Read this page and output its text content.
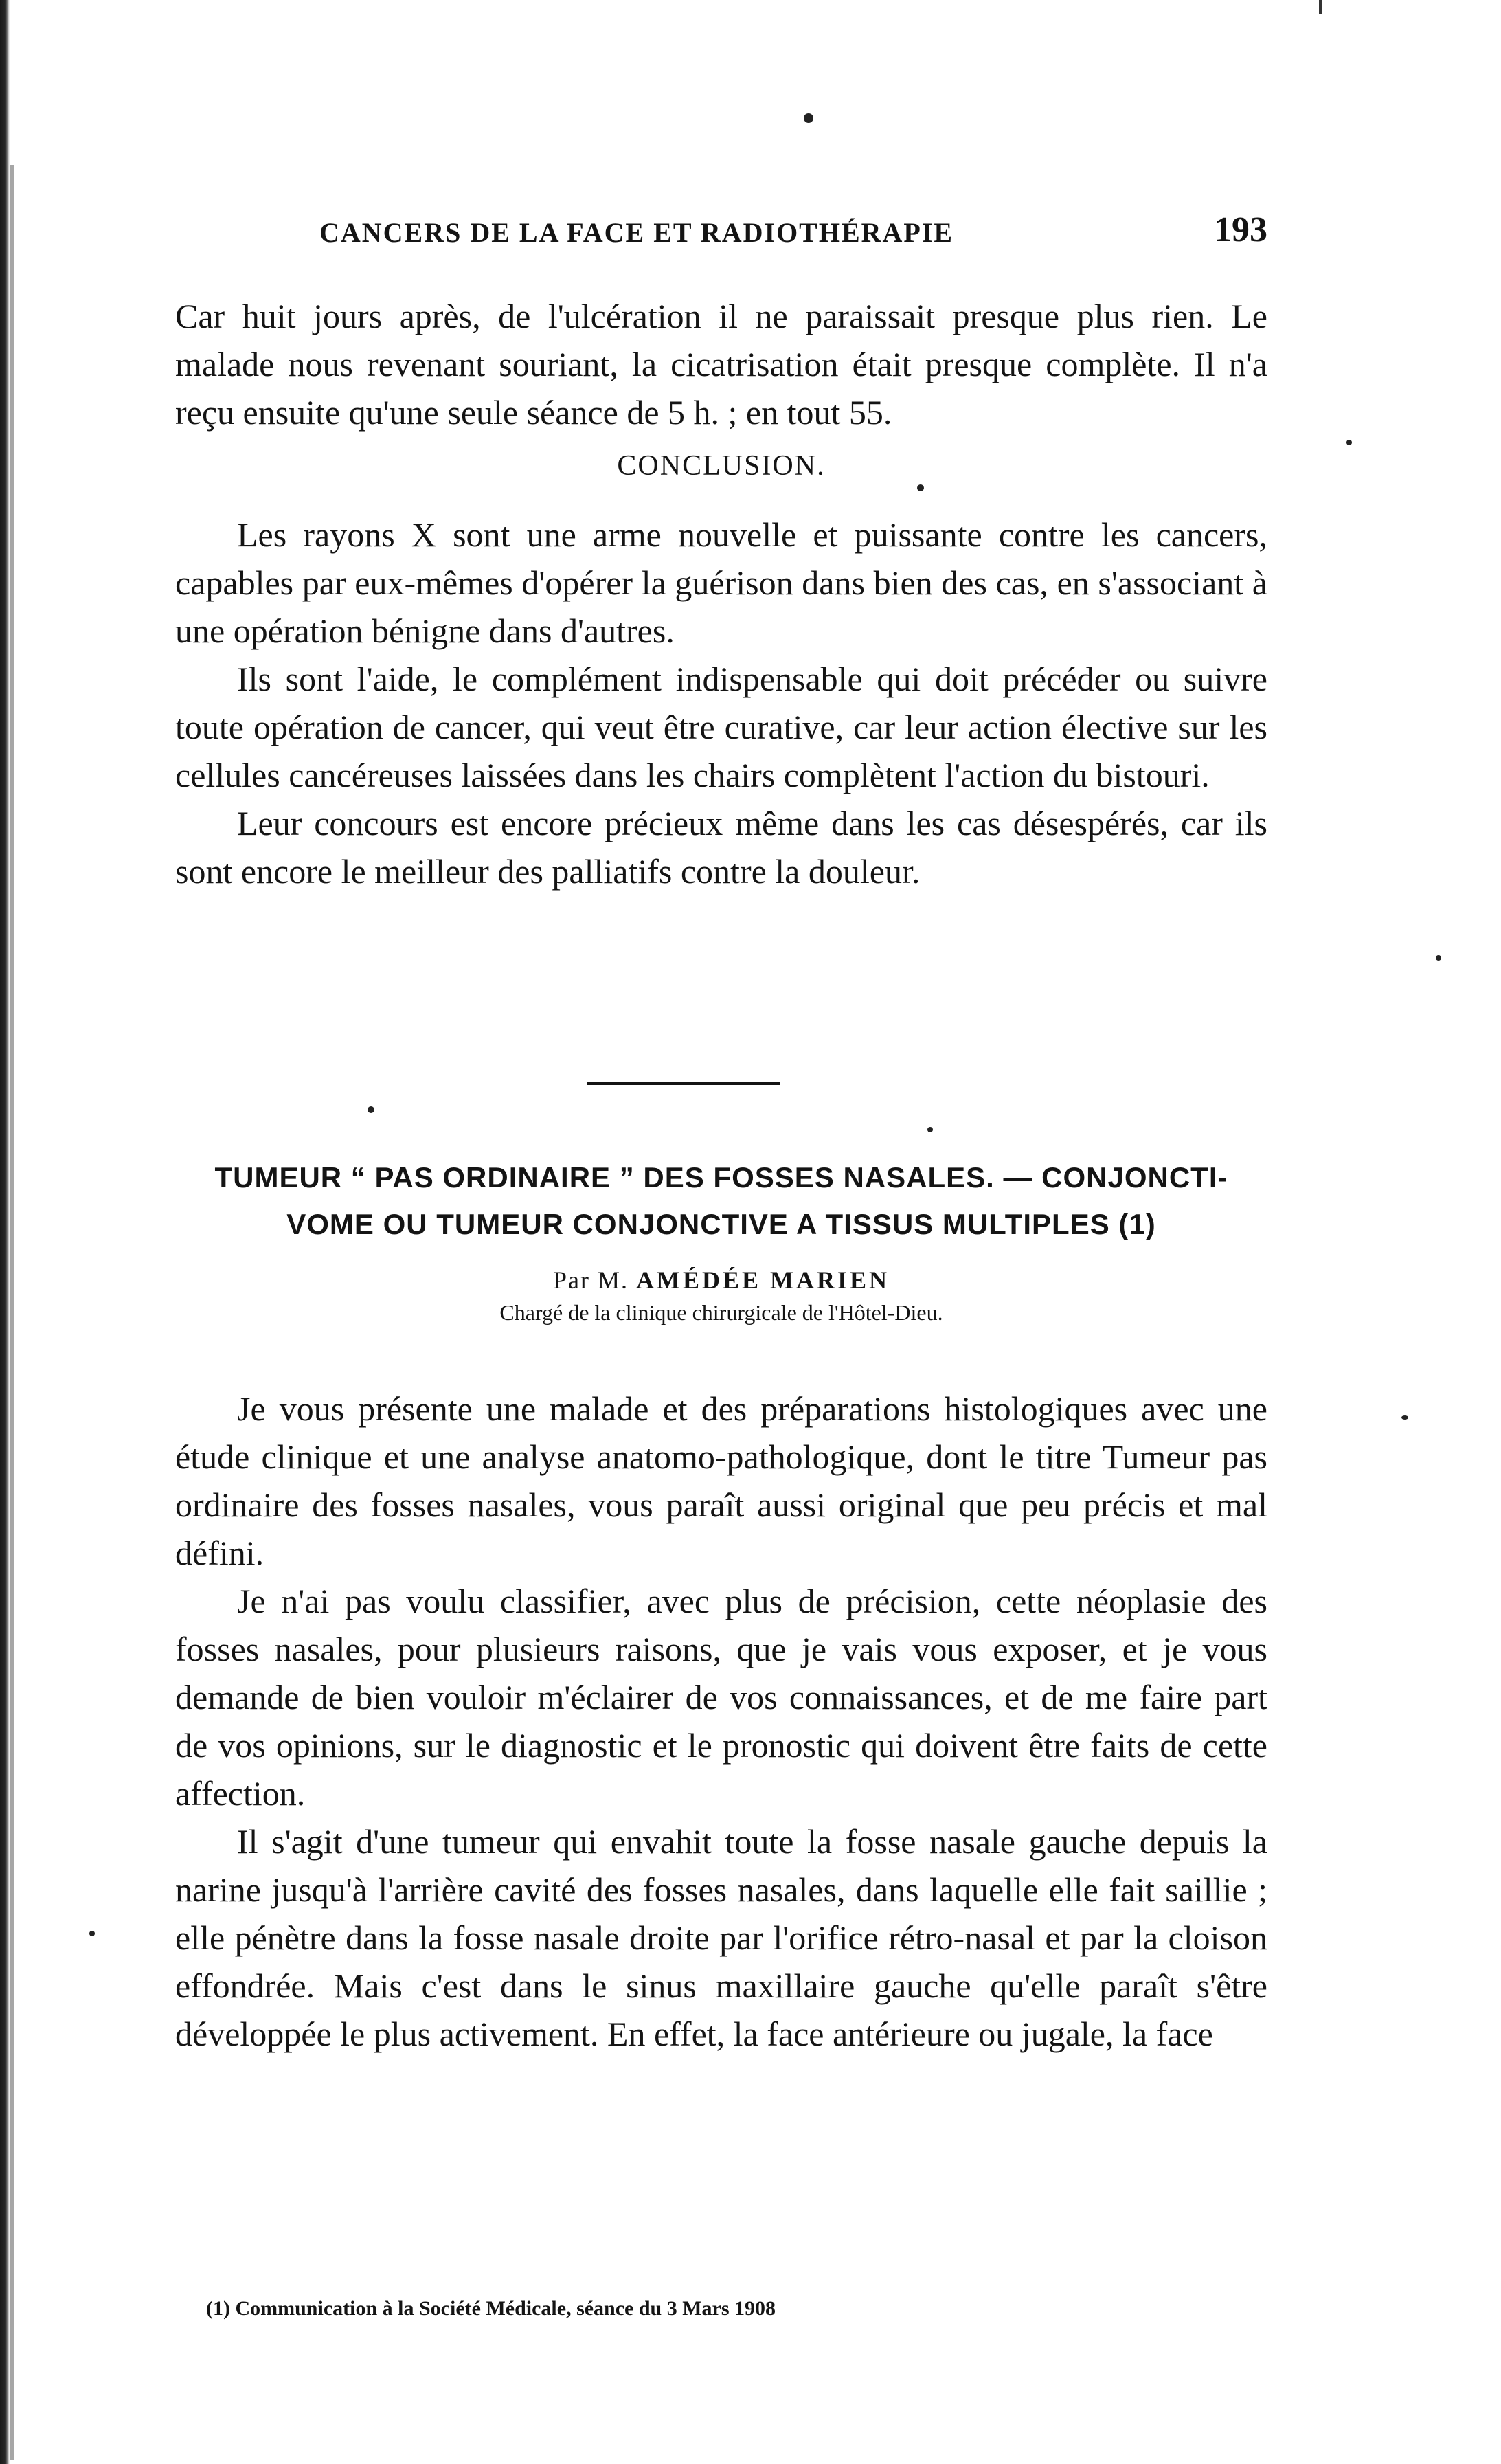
CANCERS DE LA FACE ET RADIOTHÉRAPIE	193

Car huit jours après, de l'ulcération il ne paraissait presque plus rien. Le malade nous revenant souriant, la cicatrisation était presque complète. Il n'a reçu ensuite qu'une seule séance de 5 h. ; en tout 55.

CONCLUSION.

Les rayons X sont une arme nouvelle et puissante contre les cancers, capables par eux-mêmes d'opérer la guérison dans bien des cas, en s'associant à une opération bénigne dans d'autres.

Ils sont l'aide, le complément indispensable qui doit précéder ou suivre toute opération de cancer, qui veut être curative, car leur action élective sur les cellules cancéreuses laissées dans les chairs complètent l'action du bistouri.

Leur concours est encore précieux même dans les cas désespérés, car ils sont encore le meilleur des palliatifs contre la douleur.

TUMEUR “ PAS ORDINAIRE ” DES FOSSES NASALES. — CONJONCTI-

VOME OU TUMEUR CONJONCTIVE A TISSUS MULTIPLES (1)

Par M. AMÉDÉE MARIEN

Chargé de la clinique chirurgicale de l'Hôtel-Dieu.

Je vous présente une malade et des préparations histologiques avec une étude clinique et une analyse anatomo-pathologique, dont le titre Tumeur pas ordinaire des fosses nasales, vous paraît aussi original que peu précis et mal défini.

Je n'ai pas voulu classifier, avec plus de précision, cette néoplasie des fosses nasales, pour plusieurs raisons, que je vais vous exposer, et je vous demande de bien vouloir m'éclairer de vos connaissances, et de me faire part de vos opinions, sur le diagnostic et le pronostic qui doivent être faits de cette affection.

Il s'agit d'une tumeur qui envahit toute la fosse nasale gauche depuis la narine jusqu'à l'arrière cavité des fosses nasales, dans laquelle elle fait saillie ; elle pénètre dans la fosse nasale droite par l'orifice rétro-nasal et par la cloison effondrée. Mais c'est dans le sinus maxillaire gauche qu'elle paraît s'être développée le plus activement. En effet, la face antérieure ou jugale, la face

(1) Communication à la Société Médicale, séance du 3 Mars 1908
